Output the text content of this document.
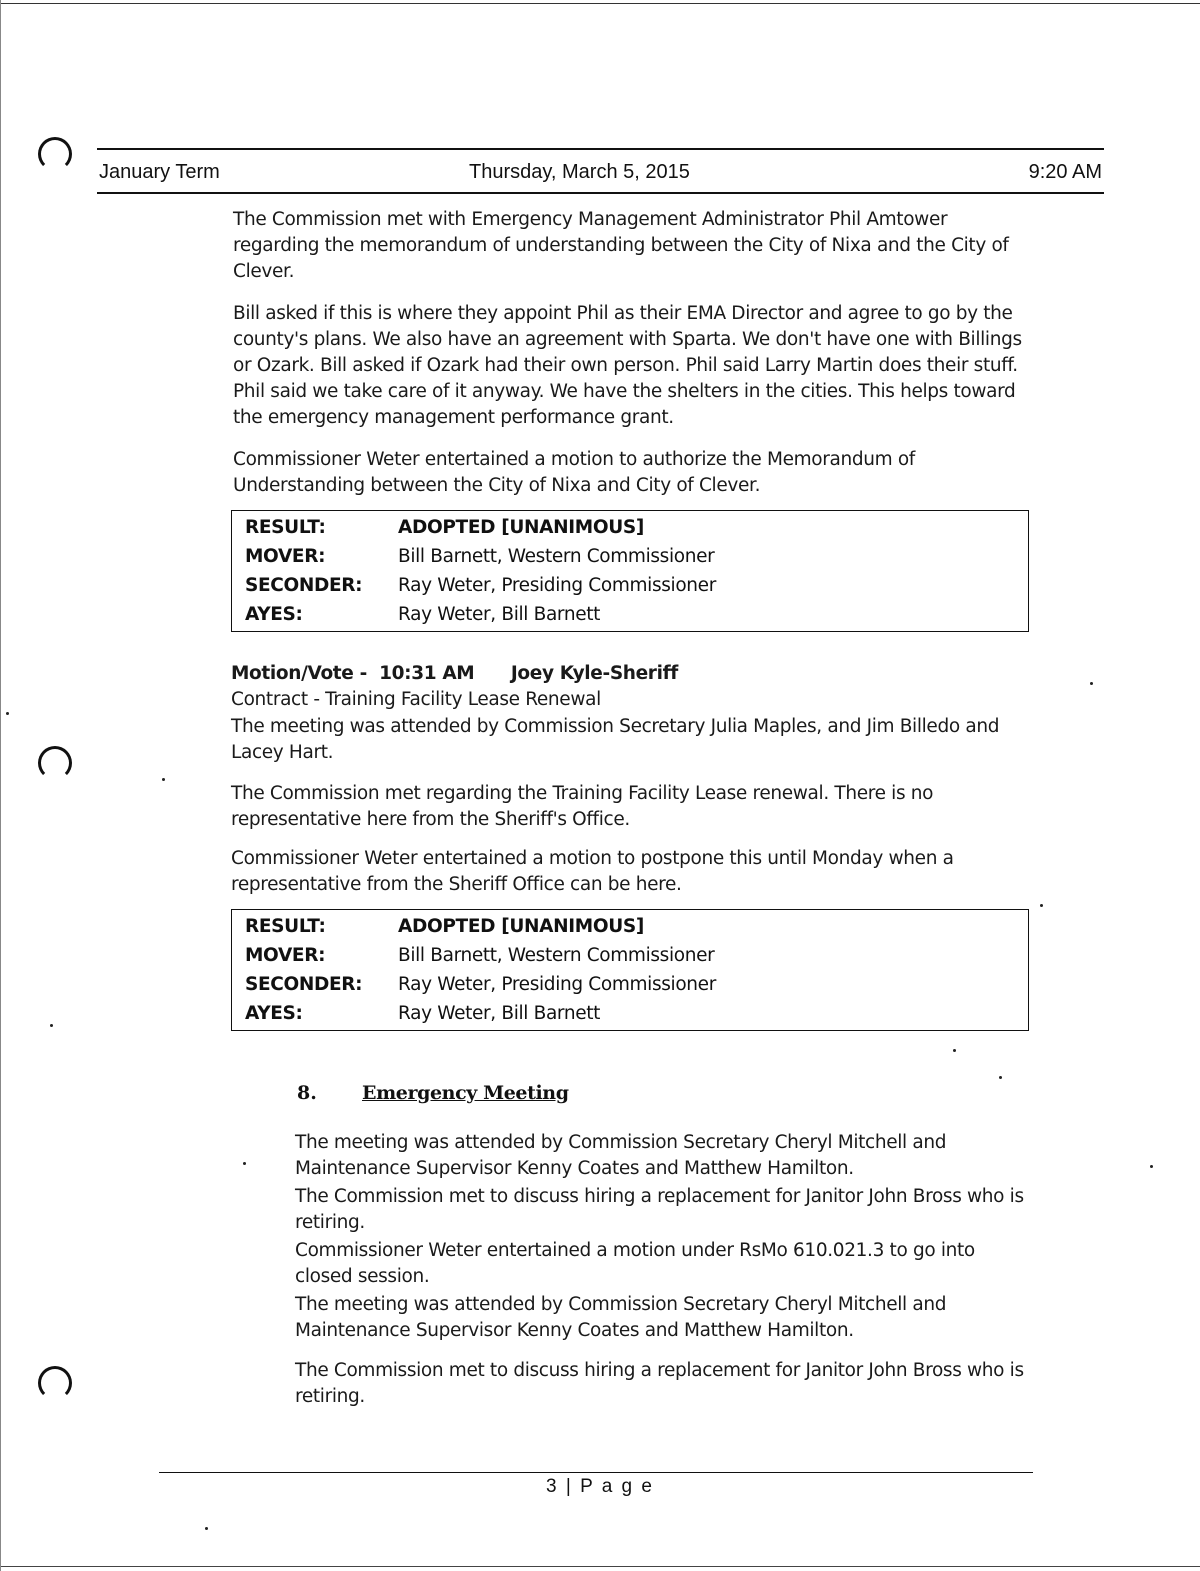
January Term	Thursday, March 5, 2015	9:20 AM

The Commission met with Emergency Management Administrator Phil Amtower regarding the memorandum of understanding between the City of Nixa and the City of Clever.

Bill asked if this is where they appoint Phil as their EMA Director and agree to go by the county's plans. We also have an agreement with Sparta. We don't have one with Billings or Ozark. Bill asked if Ozark had their own person. Phil said Larry Martin does their stuff. Phil said we take care of it anyway. We have the shelters in the cities. This helps toward the emergency management performance grant.

Commissioner Weter entertained a motion to authorize the Memorandum of Understanding between the City of Nixa and City of Clever.

RESULT:	ADOPTED [UNANIMOUS]
MOVER:	Bill Barnett, Western Commissioner
SECONDER: Ray Weter, Presiding Commissioner
AYES:	Ray Weter, Bill Barnett

Motion/Vote -  10:31 AM      Joey Kyle-Sheriff

Contract - Training Facility Lease Renewal

The meeting was attended by Commission Secretary Julia Maples, and Jim Billedo and Lacey Hart.

The Commission met regarding the Training Facility Lease renewal. There is no representative here from the Sheriff's Office.

Commissioner Weter entertained a motion to postpone this until Monday when a representative from the Sheriff Office can be here.

RESULT:	ADOPTED [UNANIMOUS]
MOVER:	Bill Barnett, Western Commissioner
SECONDER: Ray Weter, Presiding Commissioner
AYES:	Ray Weter, Bill Barnett
8. Emergency Meeting

The meeting was attended by Commission Secretary Cheryl Mitchell and Maintenance Supervisor Kenny Coates and Matthew Hamilton.

The Commission met to discuss hiring a replacement for Janitor John Bross who is retiring.

Commissioner Weter entertained a motion under RsMo 610.021.3 to go into closed session.

The meeting was attended by Commission Secretary Cheryl Mitchell and Maintenance Supervisor Kenny Coates and Matthew Hamilton.

The Commission met to discuss hiring a replacement for Janitor John Bross who is retiring.

3 | P a g e
